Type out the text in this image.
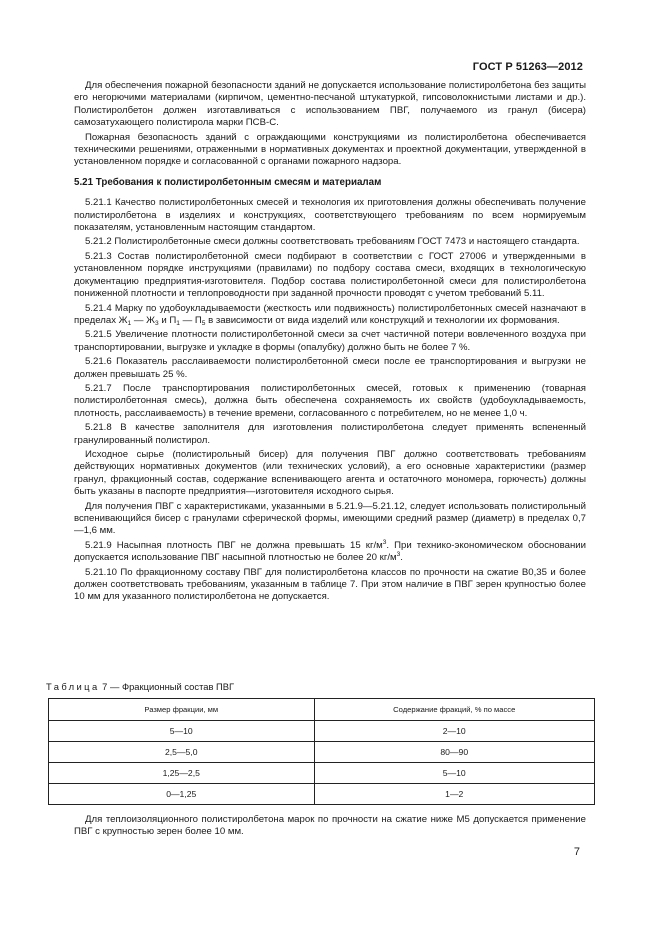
ГОСТ Р 51263—2012

Для обеспечения пожарной безопасности зданий не допускается использование полистиролбетона без защиты его негорючими материалами (кирпичом, цементно-песчаной штукатуркой, гипсоволокнистыми листами и др.). Полистиролбетон должен изготавливаться с использованием ПВГ, получаемого из гранул (бисера) самозатухающего полистирола марки ПСВ-С.

Пожарная безопасность зданий с ограждающими конструкциями из полистиролбетона обеспечивается техническими решениями, отраженными в нормативных документах и проектной документации, утвержденной в установленном порядке и согласованной с органами пожарного надзора.

5.21 Требования к полистиролбетонным смесям и материалам

5.21.1 Качество полистиролбетонных смесей и технология их приготовления должны обеспечивать получение полистиролбетона в изделиях и конструкциях, соответствующего требованиям по всем нормируемым показателям, установленным настоящим стандартом.

5.21.2 Полистиролбетонные смеси должны соответствовать требованиям ГОСТ 7473 и настоящего стандарта.

5.21.3 Состав полистиролбетонной смеси подбирают в соответствии с ГОСТ 27006 и утвержденными в установленном порядке инструкциями (правилами) по подбору состава смеси, входящих в технологическую документацию предприятия-изготовителя. Подбор состава полистиролбетонной смеси для полистиролбетона пониженной плотности и теплопроводности при заданной прочности проводят с учетом требований 5.11.

5.21.4 Марку по удобоукладываемости (жесткость или подвижность) полистиролбетонных смесей назначают в пределах $Ж_1$ — $Ж_3$ и $П_1$ — $П_5$ в зависимости от вида изделий или конструкций и технологии их формования.

5.21.5 Увеличение плотности полистиролбетонной смеси за счет частичной потери вовлеченного воздуха при транспортировании, выгрузке и укладке в формы (опалубку) должно быть не более 7 %.

5.21.6 Показатель расслаиваемости полистиролбетонной смеси после ее транспортирования и выгрузки не должен превышать 25 %.

5.21.7 После транспортирования полистиролбетонных смесей, готовых к применению (товарная полистиролбетонная смесь), должна быть обеспечена сохраняемость их свойств (удобоукладываемость, плотность, расслаиваемость) в течение времени, согласованного с потребителем, но не менее 1,0 ч.

5.21.8 В качестве заполнителя для изготовления полистиролбетона следует применять вспененный гранулированный полистирол.

Исходное сырье (полистирольный бисер) для получения ПВГ должно соответствовать требованиям действующих нормативных документов (или технических условий), а его основные характеристики (размер гранул, фракционный состав, содержание вспенивающего агента и остаточного мономера, горючесть) должны быть указаны в паспорте предприятия—изготовителя исходного сырья.

Для получения ПВГ с характеристиками, указанными в 5.21.9—5.21.12, следует использовать полистирольный вспенивающийся бисер с гранулами сферической формы, имеющими средний размер (диаметр) в пределах 0,7—1,6 мм.

5.21.9 Насыпная плотность ПВГ не должна превышать 15 $кг/м^3$. При технико-экономическом обосновании допускается использование ПВГ насыпной плотностью не более 20 $кг/м^3$.

5.21.10 По фракционному составу ПВГ для полистиролбетона классов по прочности на сжатие В0,35 и более должен соответствовать требованиям, указанным в таблице 7. При этом наличие в ПВГ зерен крупностью более 10 мм для указанного полистиролбетона не допускается.

Таблица 7 — Фракционный состав ПВГ
Размер фракции, мм	Содержание фракций, % по массе
5—10	2—10
2,5—5,0	80—90
1,25—2,5	5—10
0—1,25	1—2

Для теплоизоляционного полистиролбетона марок по прочности на сжатие ниже М5 допускается применение ПВГ с крупностью зерен более 10 мм.

7
